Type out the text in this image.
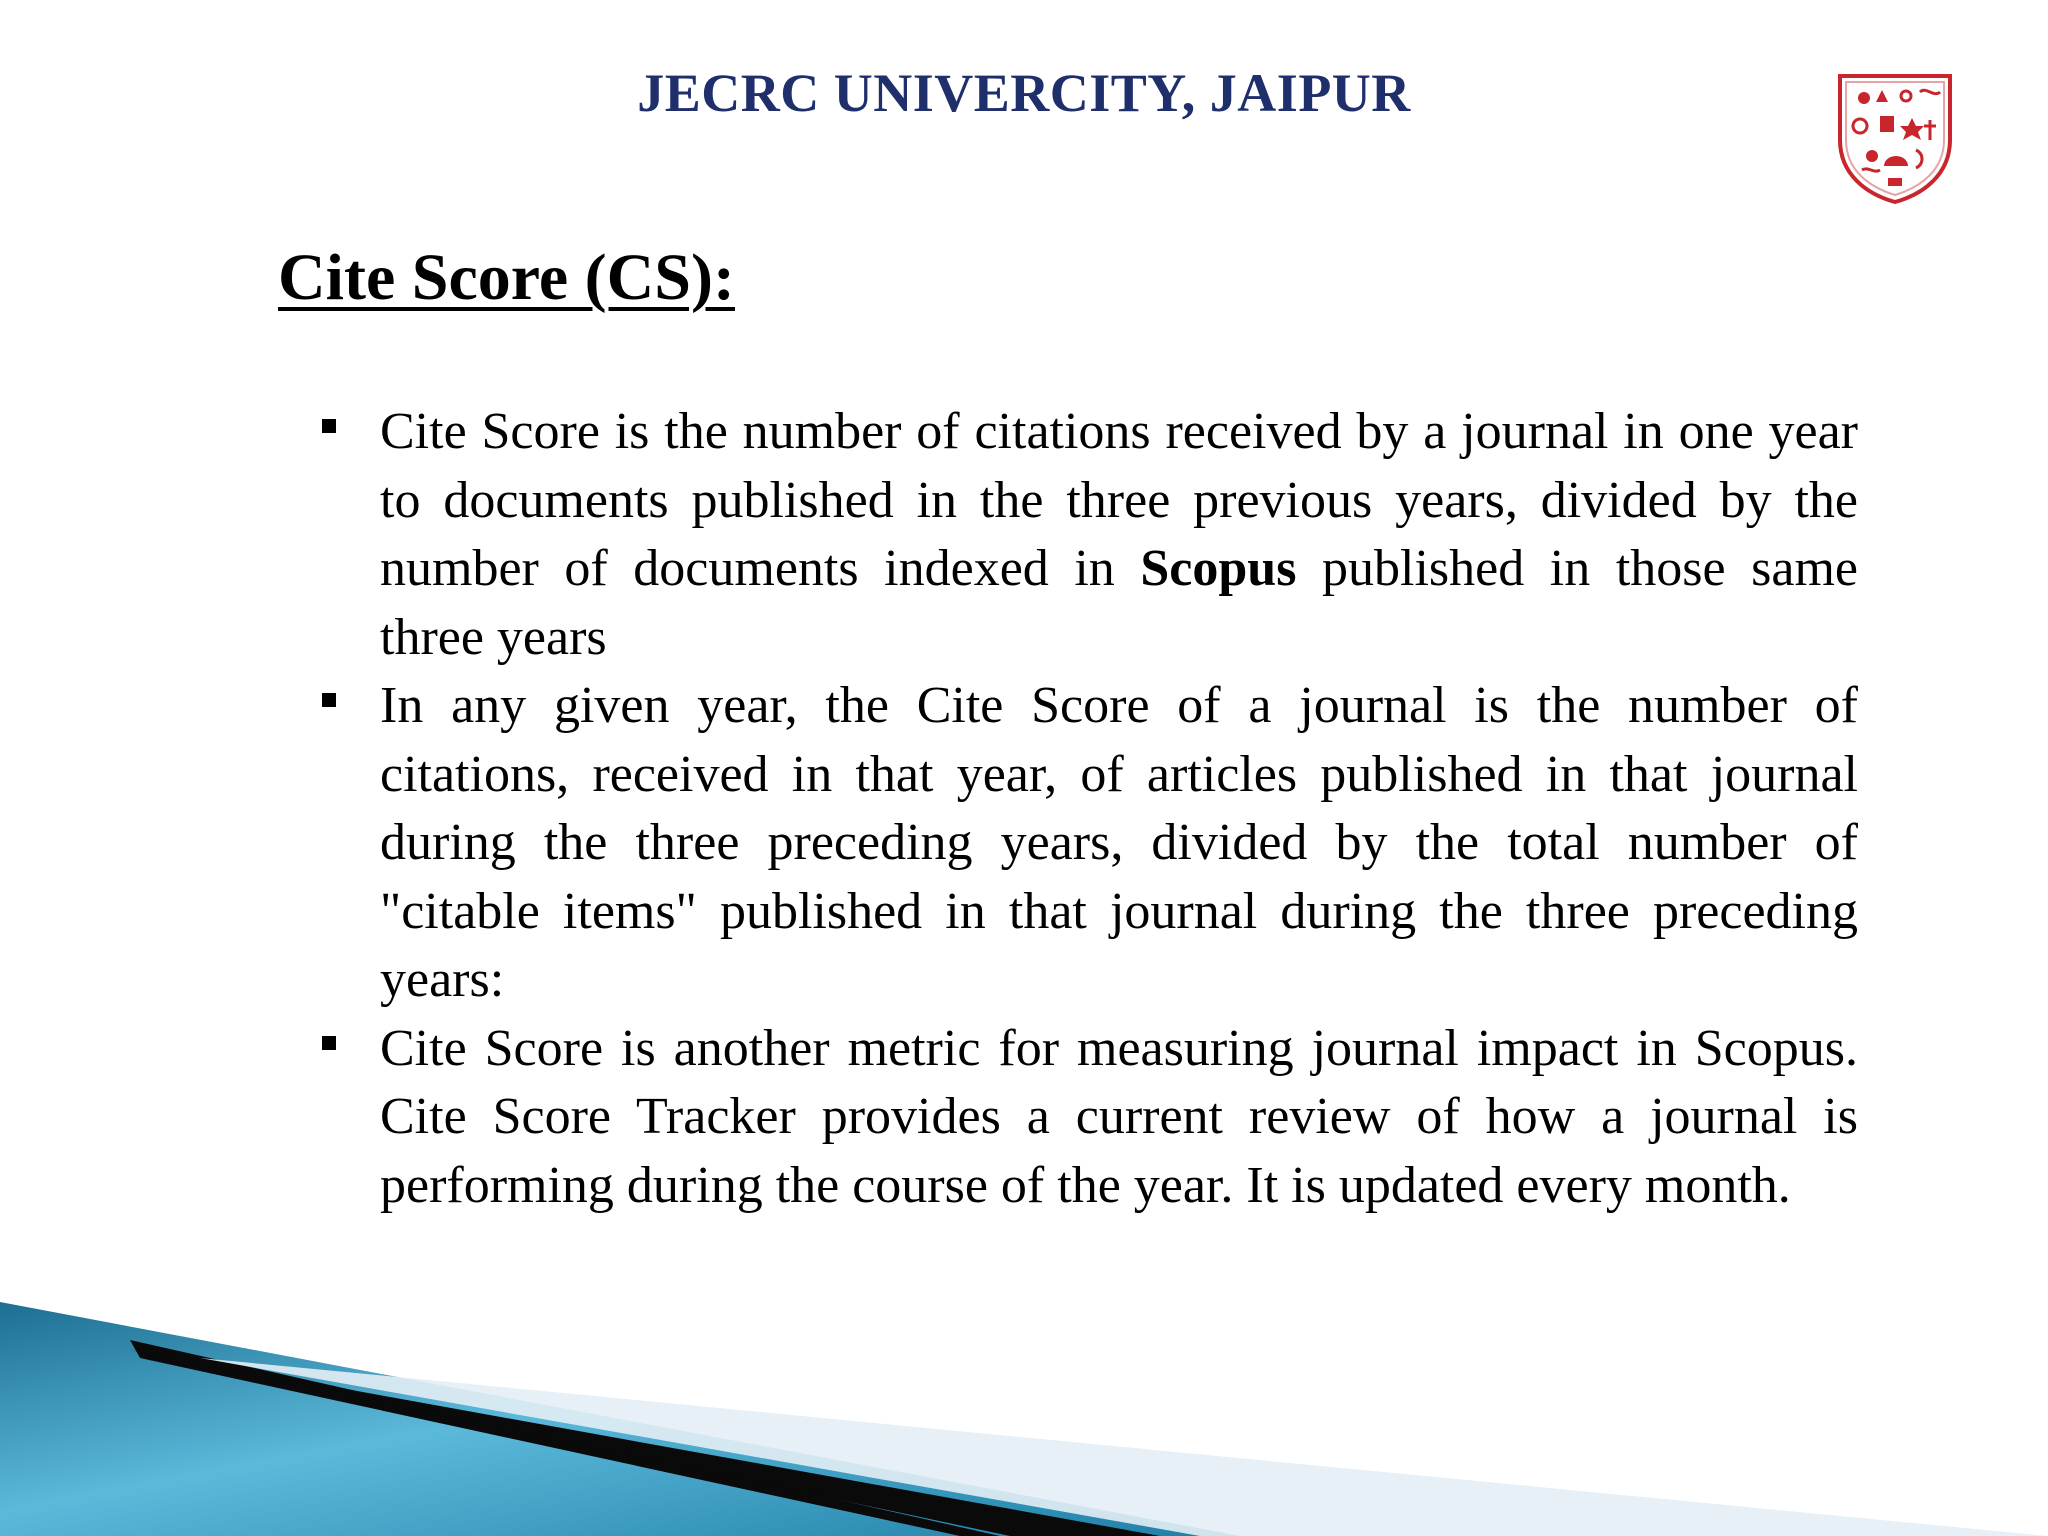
JECRC UNIVERCITY, JAIPUR
Cite Score (CS):
Cite Score is the number of citations received by a journal in one year to documents published in the three previous years, divided by the number of documents indexed in Scopus published in those same three years
In any given year, the Cite Score of a journal is the number of citations, received in that year, of articles published in that journal during the three preceding years, divided by the total number of "citable items" published in that journal during the three preceding years:
Cite Score is another metric for measuring journal impact in Scopus. Cite Score Tracker provides a current review of how a journal is performing during the course of the year. It is updated every month.
